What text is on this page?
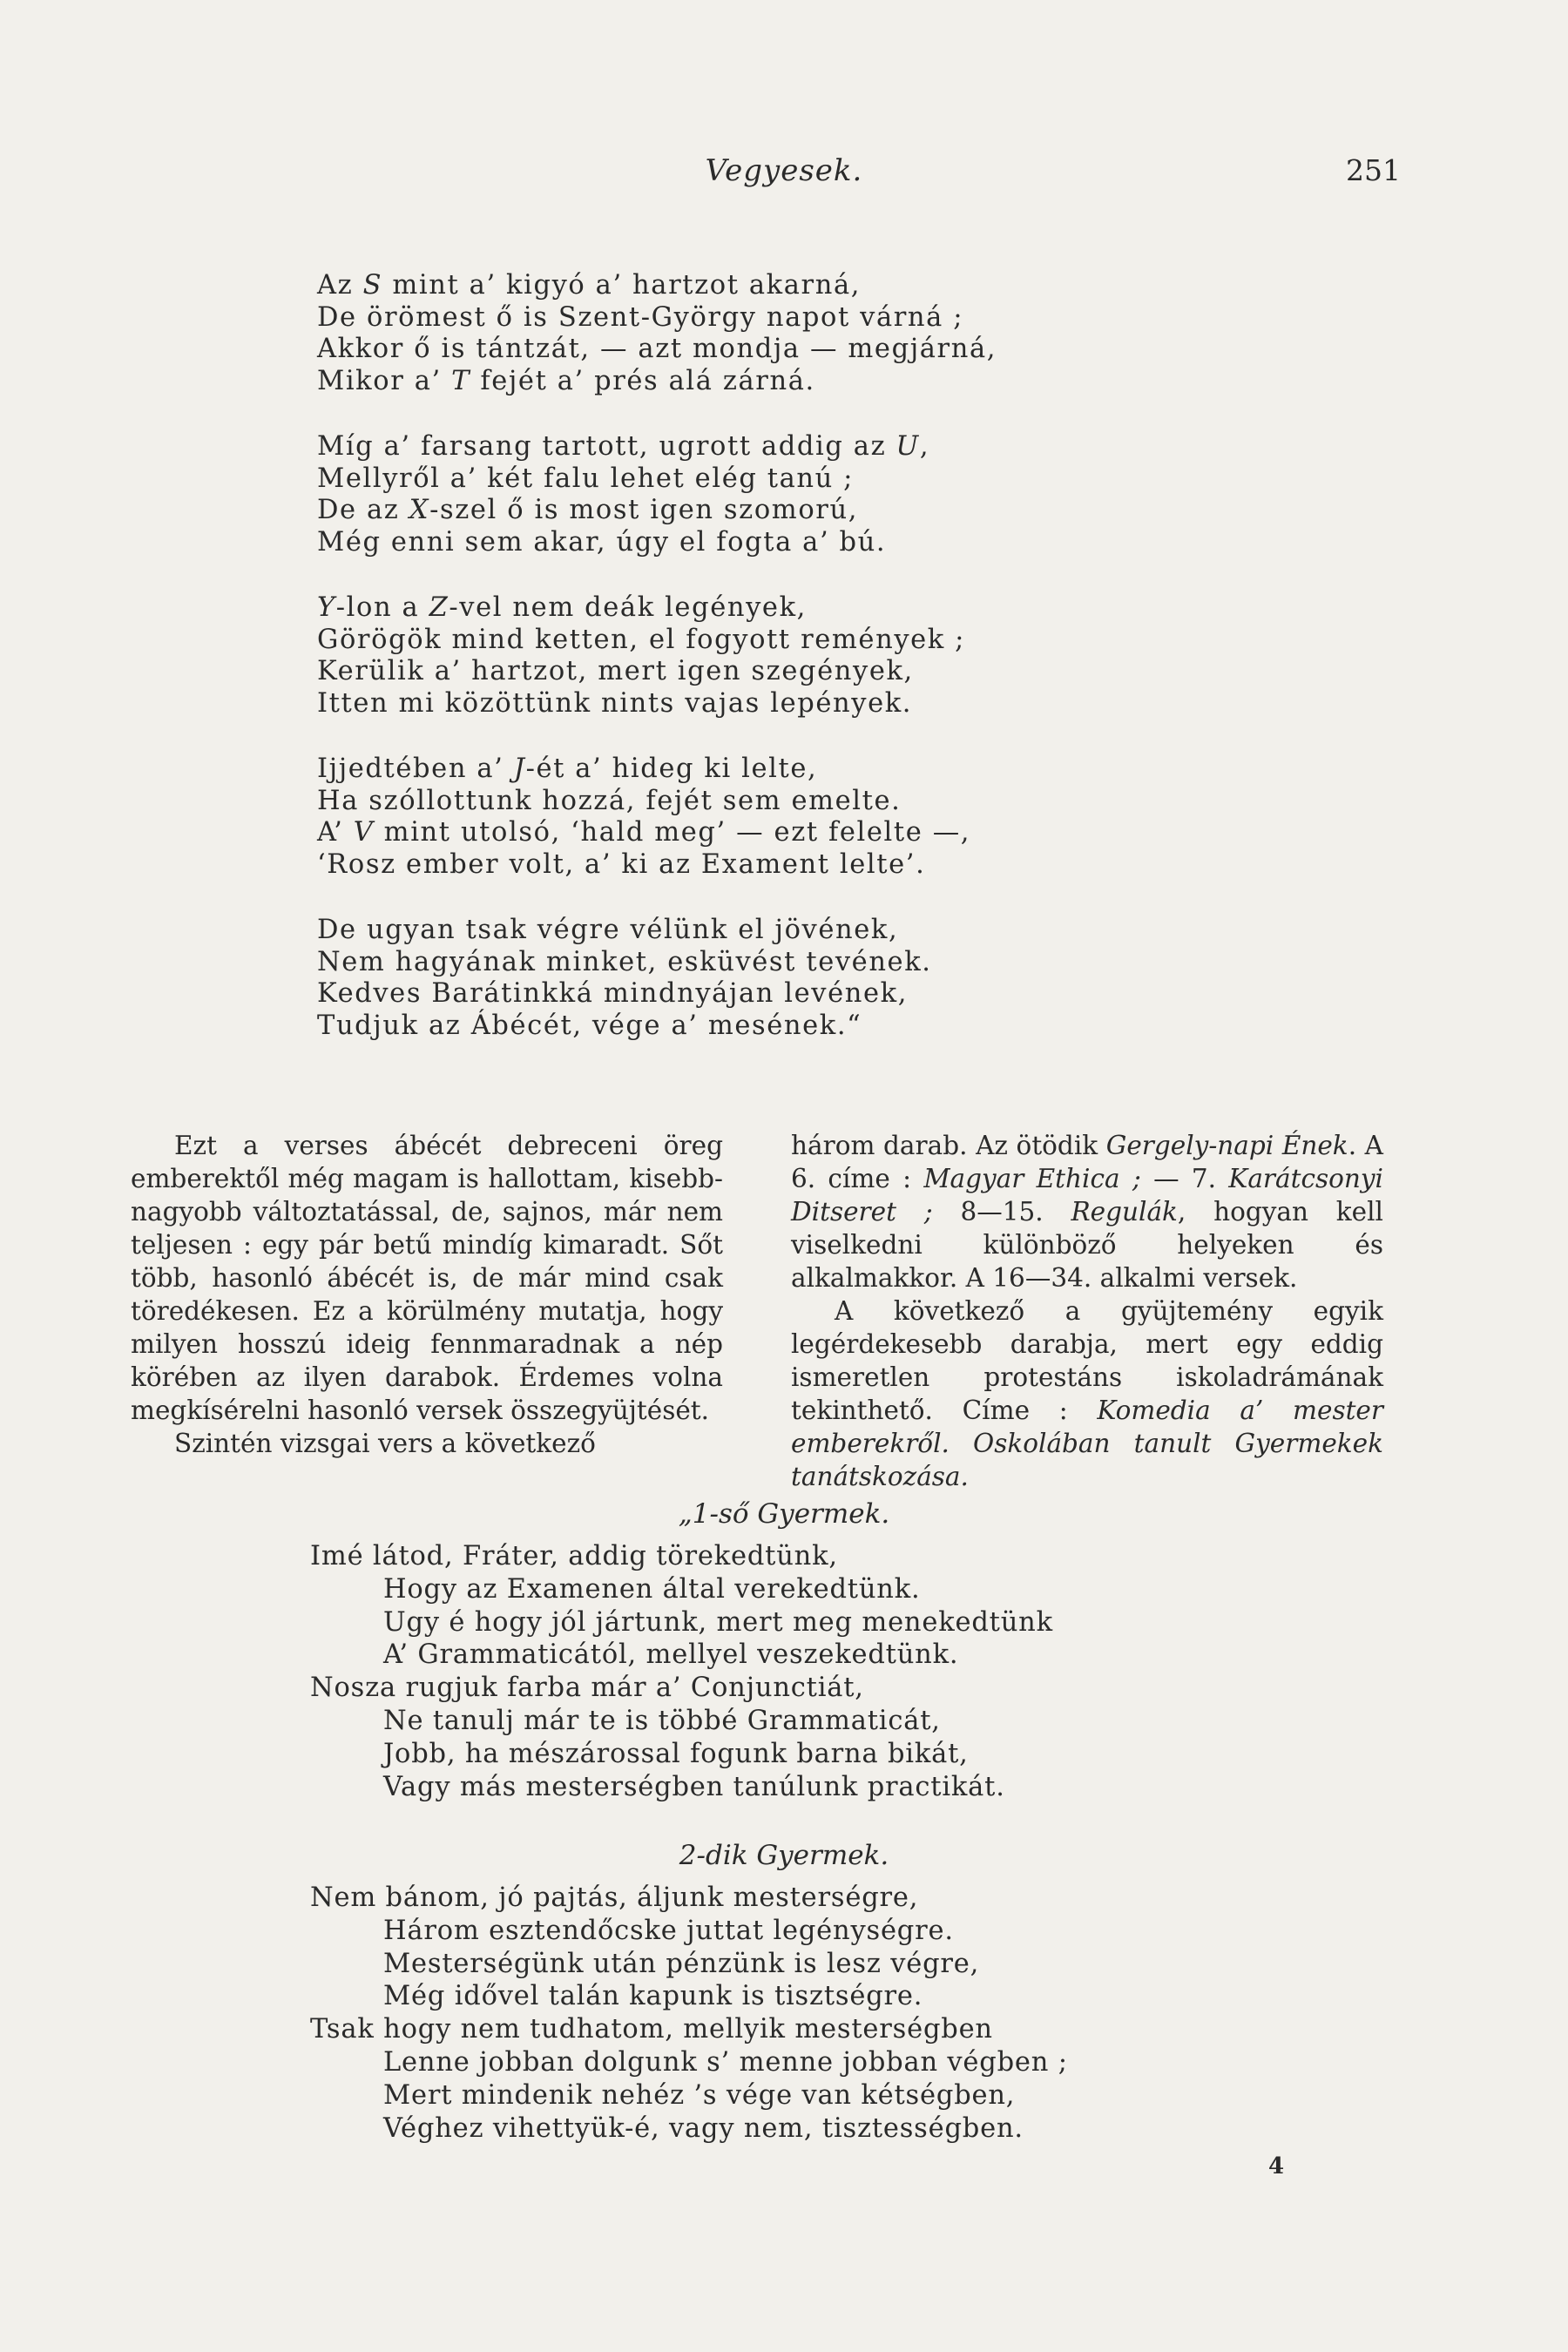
Vegyesek.	251
Az S mint a’ kigyó a’ hartzot akarná,
De örömest ő is Szent-György napot várná ;
Akkor ő is tántzát, — azt mondja — megjárná,
Mikor a’ T fejét a’ prés alá zárná.
Míg a’ farsang tartott, ugrott addig az U,
Mellyről a’ két falu lehet elég tanú ;
De az X-szel ő is most igen szomorú,
Még enni sem akar, úgy el fogta a’ bú.
Y-lon a Z-vel nem deák legények,
Görögök mind ketten, el fogyott remények ;
Kerülik a’ hartzot, mert igen szegények,
Itten mi közöttünk nints vajas lepények.
Ijjedtében a’ J-ét a’ hideg ki lelte,
Ha szóllottunk hozzá, fejét sem emelte.
A’ V mint utolsó, ‘hald meg’ — ezt felelte —,
‘Rosz ember volt, a’ ki az Exament lelte’.
De ugyan tsak végre vélünk el jövének,
Nem hagyának minket, esküvést tevének.
Kedves Barátinkká mindnyájan levének,
Tudjuk az Ábécét, vége a’ mesének.“
Ezt a verses ábécét debreceni öreg emberektől még magam is hallottam, kisebb-nagyobb változtatással, de, sajnos, már nem teljesen : egy pár betű mindíg kimaradt. Sőt több, hasonló ábécét is, de már mind csak töredékesen. Ez a körülmény mutatja, hogy milyen hosszú ideig fennmaradnak a nép körében az ilyen darabok. Érdemes volna megkísérelni hasonló versek összegyüjtését.
Szintén vizsgai vers a következő
három darab. Az ötödik Gergely-napi Ének. A 6. címe : Magyar Ethica ; — 7. Karátcsonyi Ditseret ; 8—15. Regulák, hogyan kell viselkedni különböző helyeken és alkalmakkor. A 16—34. alkalmi versek.
A következő a gyüjtemény egyik legérdekesebb darabja, mert egy eddig ismeretlen protestáns iskoladrámának tekinthető. Címe : Komedia a’ mester emberekről. Oskolában tanult Gyermekek tanátskozása.
„1-ső Gyermek.
Imé látod, Fráter, addig törekedtünk,
Hogy az Examenen által verekedtünk.
Ugy é hogy jól jártunk, mert meg menekedtünk
A’ Grammaticától, mellyel veszekedtünk.
Nosza rugjuk farba már a’ Conjunctiát,
Ne tanulj már te is többé Grammaticát,
Jobb, ha mészárossal fogunk barna bikát,
Vagy más mesterségben tanúlunk practikát.
2-dik Gyermek.
Nem bánom, jó pajtás, áljunk mesterségre,
Három esztendőcske juttat legénységre.
Mesterségünk után pénzünk is lesz végre,
Még idővel talán kapunk is tisztségre.
Tsak hogy nem tudhatom, mellyik mesterségben
Lenne jobban dolgunk s’ menne jobban végben ;
Mert mindenik nehéz ’s vége van kétségben,
Véghez vihettyük-é, vagy nem, tisztességben.
4
